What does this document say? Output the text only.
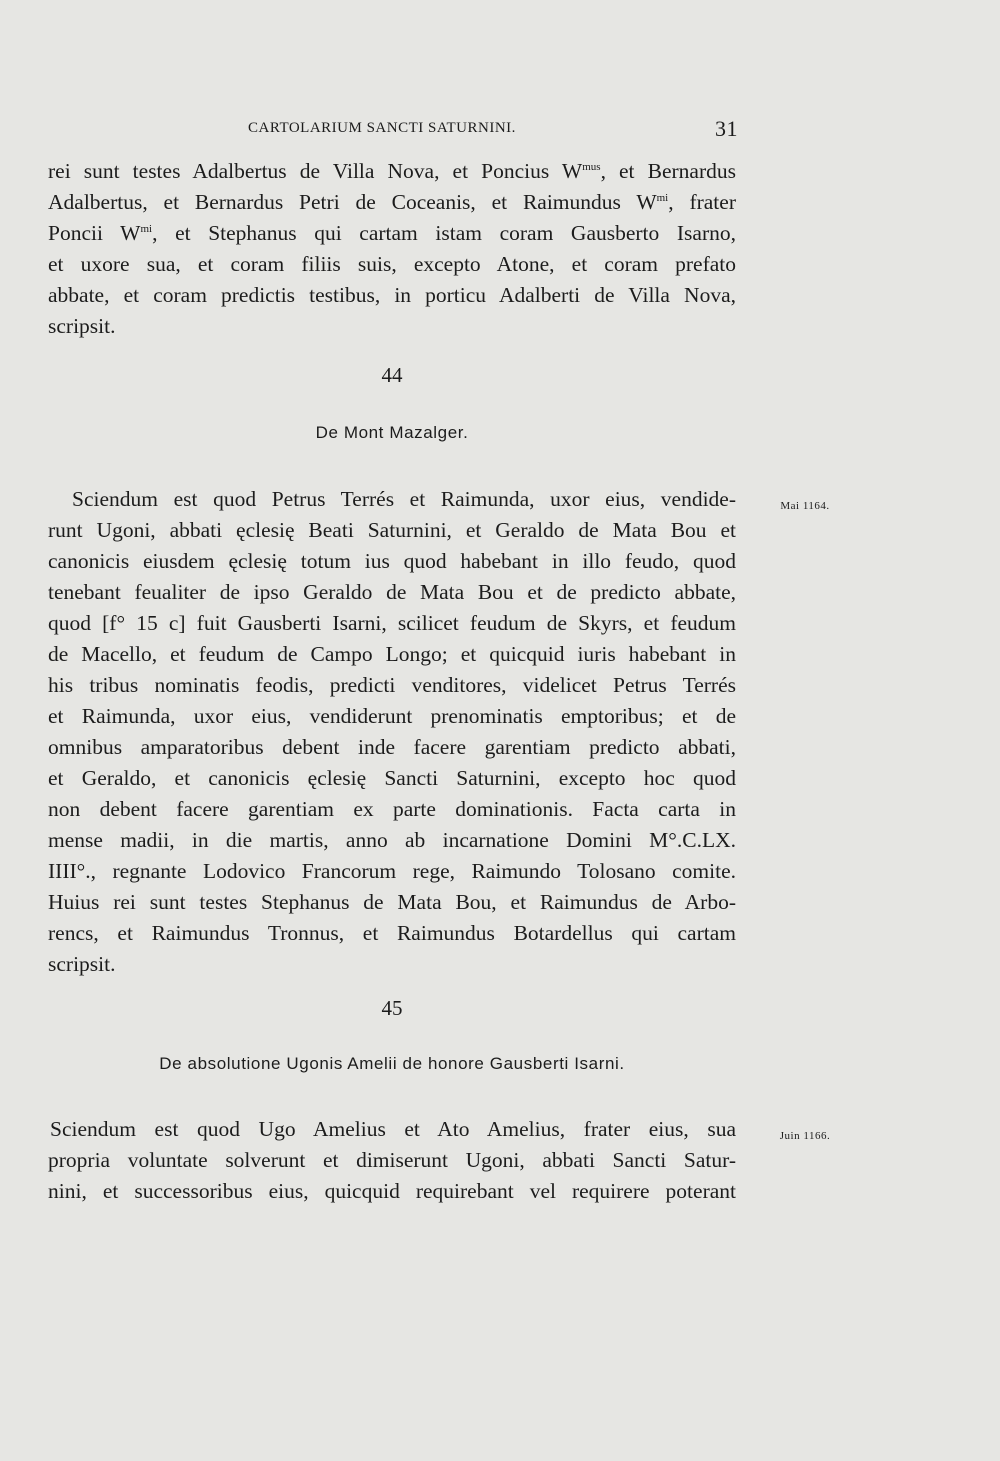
CARTOLARIUM SANCTI SATURNINI.	31
rei sunt testes Adalbertus de Villa Nova, et Poncius $W^{mus}$, et Bernardus
Adalbertus, et Bernardus Petri de Coceanis, et Raimundus $W^{mi}$, frater
Poncii $W^{mi}$, et Stephanus qui cartam istam coram Gausberto Isarno,
et uxore sua, et coram filiis suis, excepto Atone, et coram prefato
abbate, et coram predictis testibus, in porticu Adalberti de Villa Nova,
scripsit.
44
De Mont Mazalger.
Mai 1164.
Sciendum est quod Petrus Terrés et Raimunda, uxor eius, vendide-
runt Ugoni, abbati ęclesię Beati Saturnini, et Geraldo de Mata Bou et
canonicis eiusdem ęclesię totum ius quod habebant in illo feudo, quod
tenebant feualiter de ipso Geraldo de Mata Bou et de predicto abbate,
quod [f° 15 c] fuit Gausberti Isarni, scilicet feudum de Skyrs, et feudum
de Macello, et feudum de Campo Longo; et quicquid iuris habebant in
his tribus nominatis feodis, predicti venditores, videlicet Petrus Terrés
et Raimunda, uxor eius, vendiderunt prenominatis emptoribus; et de
omnibus amparatoribus debent inde facere garentiam predicto abbati,
et Geraldo, et canonicis ęclesię Sancti Saturnini, excepto hoc quod
non debent facere garentiam ex parte dominationis. Facta carta in
mense madii, in die martis, anno ab incarnatione Domini M°.C.LX.
IIII°., regnante Lodovico Francorum rege, Raimundo Tolosano comite.
Huius rei sunt testes Stephanus de Mata Bou, et Raimundus de Arbo-
rencs, et Raimundus Tronnus, et Raimundus Botardellus qui cartam
scripsit.
45
De absolutione Ugonis Amelii de honore Gausberti Isarni.
Juin 1166.
Sciendum est quod Ugo Amelius et Ato Amelius, frater eius, sua
propria voluntate solverunt et dimiserunt Ugoni, abbati Sancti Satur-
nini, et successoribus eius, quicquid requirebant vel requirere poterant
